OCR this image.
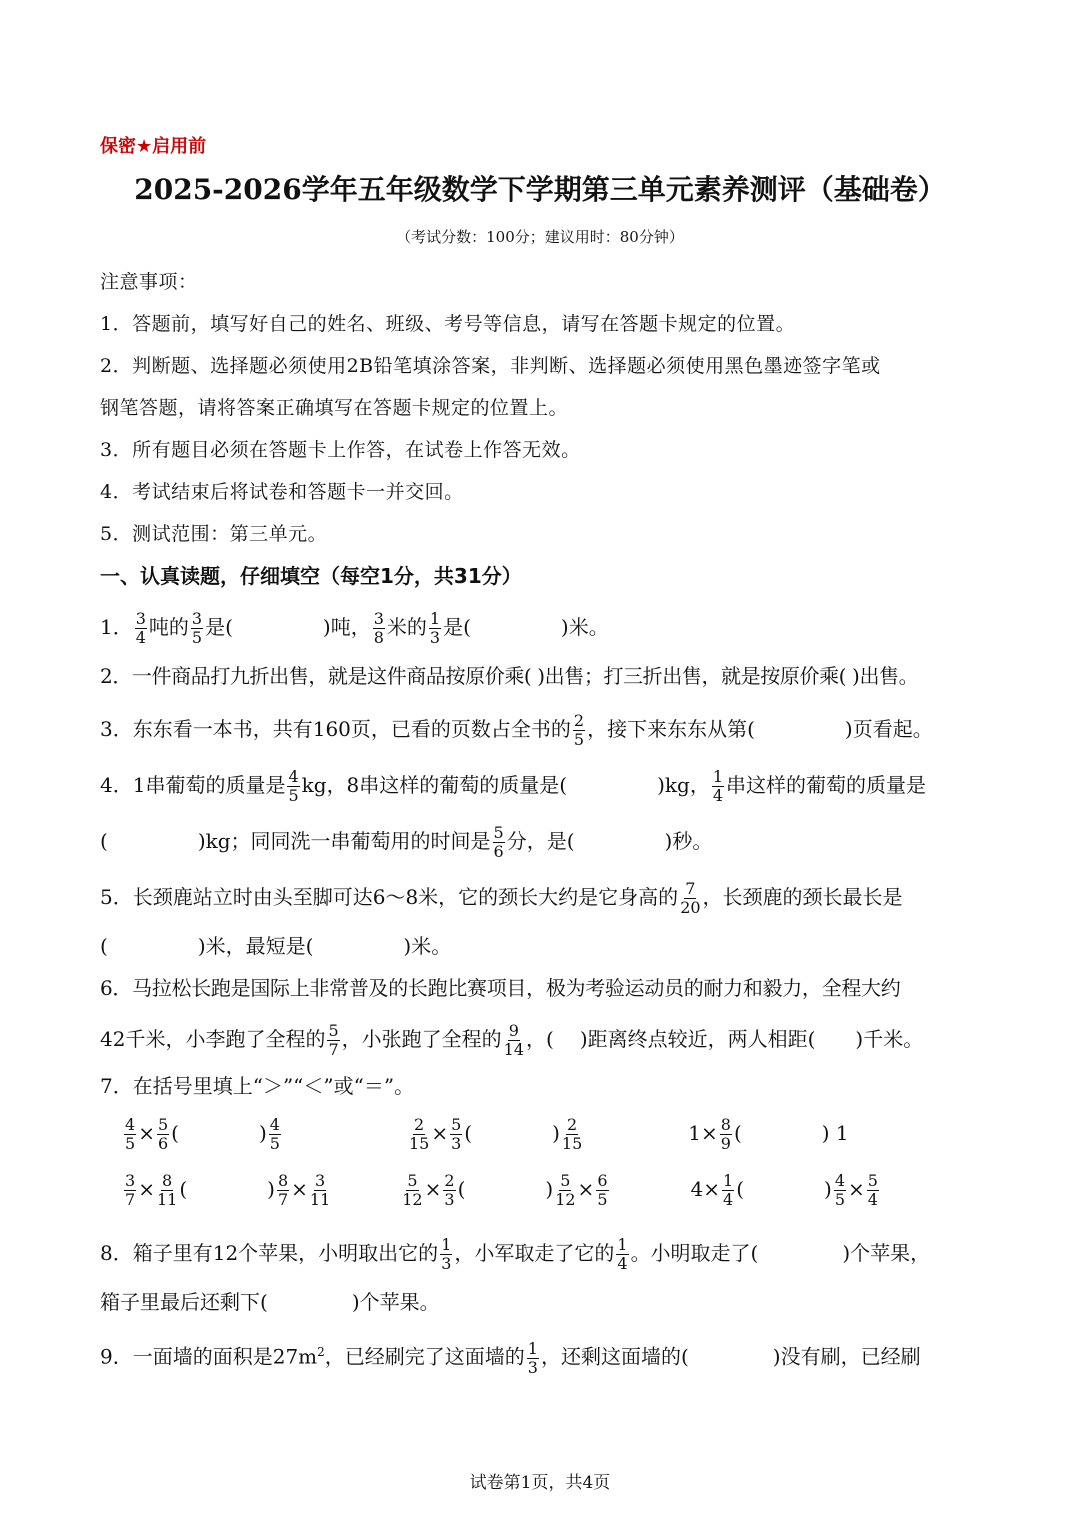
保密★启用前
2025-2026学年五年级数学下学期第三单元素养测评（基础卷）
（考试分数：100分；建议用时：80分钟）
注意事项：
1．答题前，填写好自己的姓名、班级、考号等信息，请写在答题卡规定的位置。
2．判断题、选择题必须使用2B铅笔填涂答案，非判断、选择题必须使用黑色墨迹签字笔或
钢笔答题，请将答案正确填写在答题卡规定的位置上。
3．所有题目必须在答题卡上作答，在试卷上作答无效。
4．考试结束后将试卷和答题卡一并交回。
5．测试范围：第三单元。
一、认真读题，仔细填空（每空1分，共31分）
1． $\frac{3}{4}$ 吨的 $\frac{3}{5}$ 是(	)吨， $\frac{3}{8}$ 米的 $\frac{1}{3}$ 是(	)米。
2．一件商品打九折出售，就是这件商品按原价乘( )出售；打三折出售，就是按原价乘( )出售。
3．东东看一本书，共有160页，已看的页数占全书的 $\frac{2}{5}$ ，接下来东东从第(	)页看起。
4．1串葡萄的质量是 $\frac{4}{5}$ kg，8串这样的葡萄的质量是(	)kg， $\frac{1}{4}$ 串这样的葡萄的质量是
(	)kg；同同洗一串葡萄用的时间是 $\frac{5}{6}$ 分，是(	)秒。
5．长颈鹿站立时由头至脚可达6～8米，它的颈长大约是它身高的 $\frac{7}{20}$ ，长颈鹿的颈长最长是
(	)米，最短是(	)米。
6．马拉松长跑是国际上非常普及的长跑比赛项目，极为考验运动员的耐力和毅力，全程大约
42千米，小李跑了全程的 $\frac{5}{7}$ ，小张跑了全程的 $\frac{9}{14}$ ，( )距离终点较近，两人相距( )千米。
7．在括号里填上“＞”“＜”或“＝”。
$\frac{4}{5} \times \frac{5}{6}$ (	) $\frac{4}{5}$	$\frac{2}{15} \times \frac{5}{3}$ (	) $\frac{2}{15}$	$1\times \frac{8}{9}$ (	) 1
$\frac{3}{7} \times \frac{8}{11}$ (	) $\frac{8}{7} \times \frac{3}{11}$	$\frac{5}{12} \times \frac{2}{3}$ (	) $\frac{5}{12} \times \frac{6}{5}$	$4\times \frac{1}{4}$ (	) $\frac{4}{5} \times \frac{5}{4}$
8．箱子里有12个苹果，小明取出它的 $\frac{1}{3}$ ，小军取走了它的 $\frac{1}{4}$ 。小明取走了(	)个苹果，
箱子里最后还剩下(	)个苹果。
9．一面墙的面积是$27m^2$，已经刷完了这面墙的 $\frac{1}{3}$ ，还剩这面墙的(	)没有刷，已经刷
试卷第1页，共4页
